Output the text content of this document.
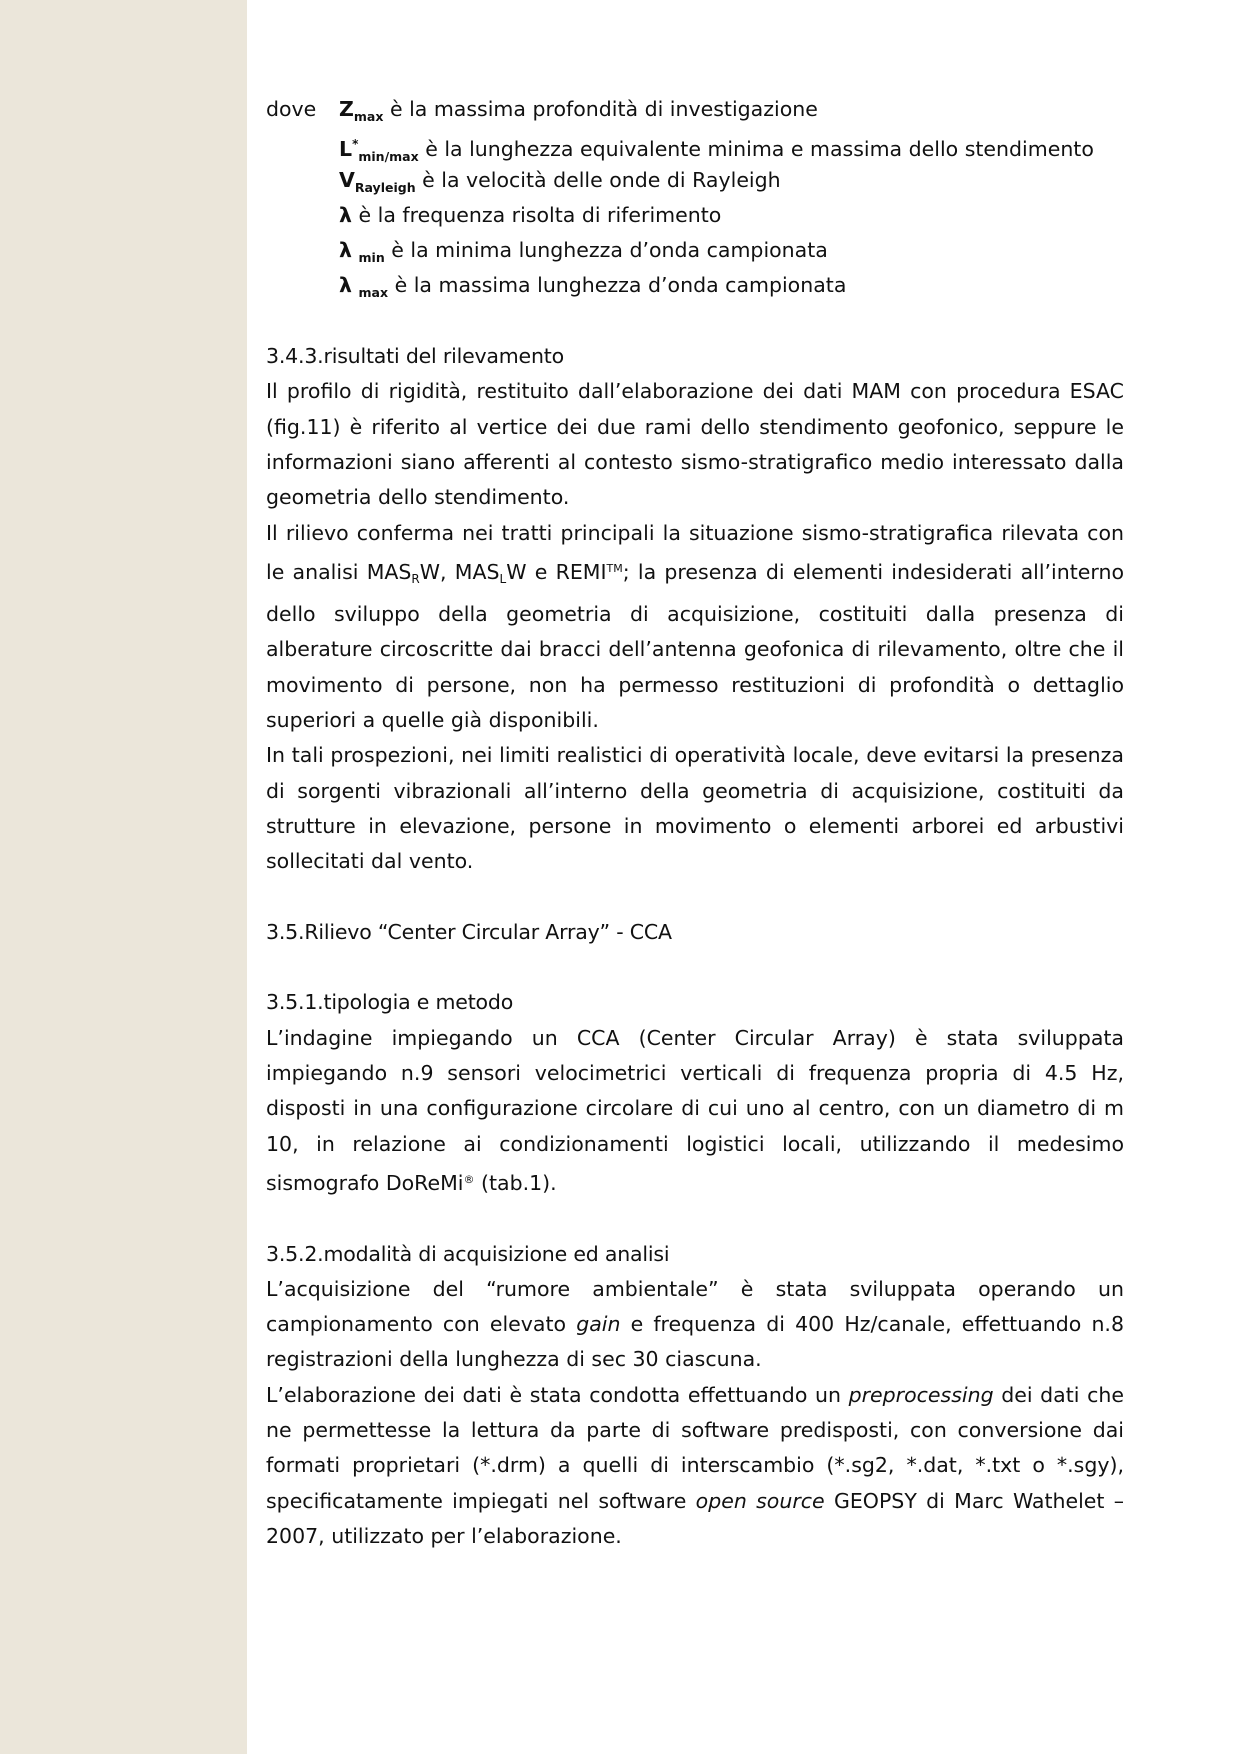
dove $Z_{max}$ è la massima profondità di investigazione
$L^*_{min/max}$ è la lunghezza equivalente minima e massima dello stendimento
$V_{Rayleigh}$ è la velocità delle onde di Rayleigh
λ è la frequenza risolta di riferimento
λ $_{min}$ è la minima lunghezza d’onda campionata
λ $_{max}$ è la massima lunghezza d’onda campionata
3.4.3.risultati del rilevamento

Il profilo di rigidità, restituito dall’elaborazione dei dati MAM con procedura ESAC (fig.11) è riferito al vertice dei due rami dello stendimento geofonico, seppure le informazioni siano afferenti al contesto sismo-stratigrafico medio interessato dalla geometria dello stendimento.

Il rilievo conferma nei tratti principali la situazione sismo-stratigrafica rilevata con le analisi MASRW, MASLW e REMI™; la presenza di elementi indesiderati all’interno dello sviluppo della geometria di acquisizione, costituiti dalla presenza di alberature circoscritte dai bracci dell’antenna geofonica di rilevamento, oltre che il movimento di persone, non ha permesso restituzioni di profondità o dettaglio superiori a quelle già disponibili.

In tali prospezioni, nei limiti realistici di operatività locale, deve evitarsi la presenza di sorgenti vibrazionali all’interno della geometria di acquisizione, costituiti da strutture in elevazione, persone in movimento o elementi arborei ed arbustivi sollecitati dal vento.

3.5.Rilievo “Center Circular Array” - CCA
3.5.1.tipologia e metodo

L’indagine impiegando un CCA (Center Circular Array) è stata sviluppata impiegando n.9 sensori velocimetrici verticali di frequenza propria di 4.5 Hz, disposti in una configurazione circolare di cui uno al centro, con un diametro di m 10, in relazione ai condizionamenti logistici locali, utilizzando il medesimo sismografo DoReMi® (tab.1).

3.5.2.modalità di acquisizione ed analisi

L’acquisizione del “rumore ambientale” è stata sviluppata operando un campionamento con elevato gain e frequenza di 400 Hz/canale, effettuando n.8 registrazioni della lunghezza di sec 30 ciascuna.

L’elaborazione dei dati è stata condotta effettuando un preprocessing dei dati che ne permettesse la lettura da parte di software predisposti, con conversione dai formati proprietari (*.drm) a quelli di interscambio (*.sg2, *.dat, *.txt o *.sgy), specificatamente impiegati nel software open source GEOPSY di Marc Wathelet – 2007, utilizzato per l’elaborazione.
